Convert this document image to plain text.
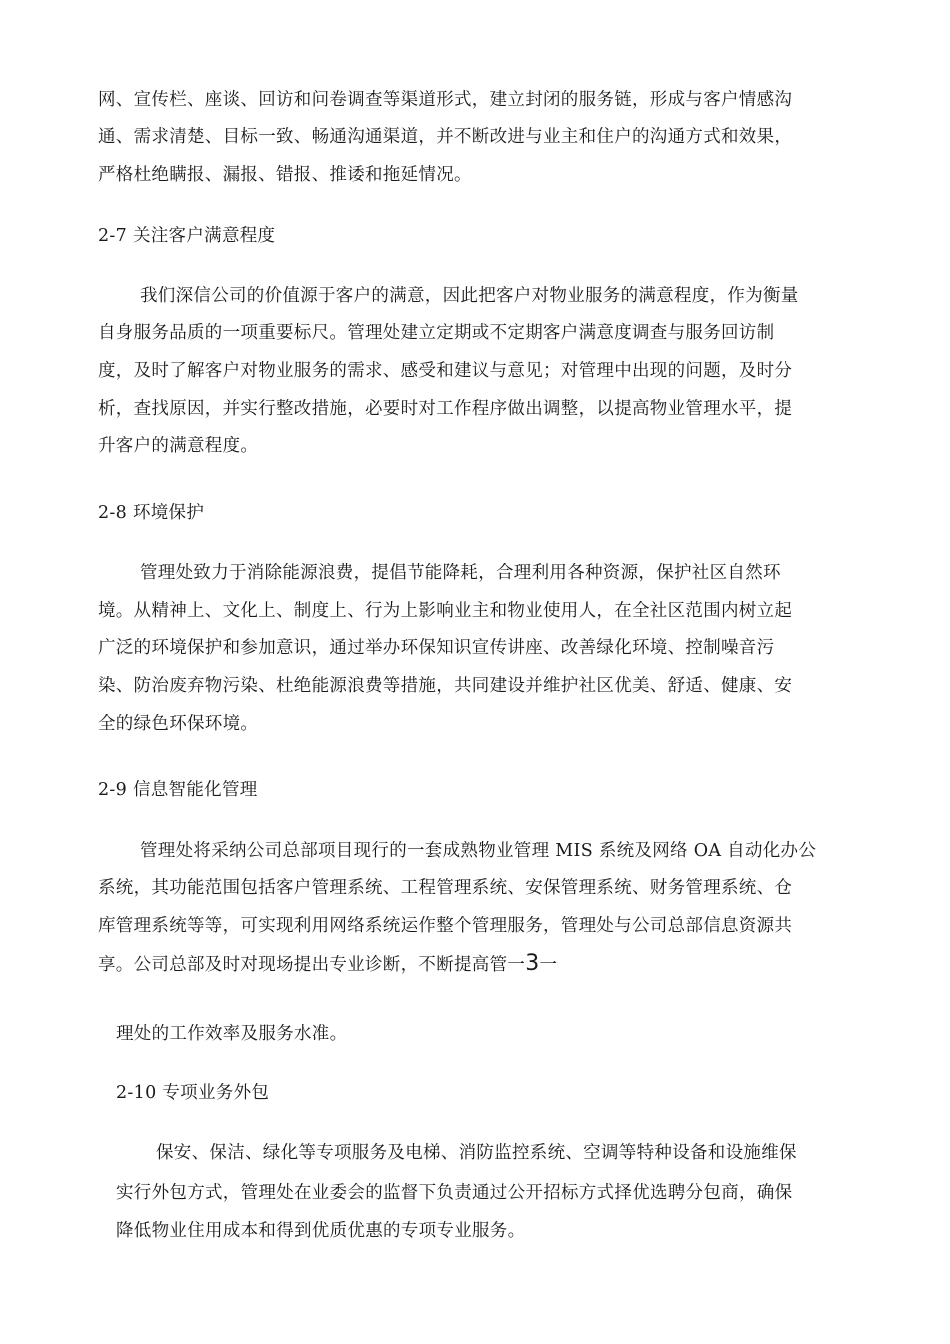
网、宣传栏、座谈、回访和问卷调查等渠道形式，建立封闭的服务链，形成与客户情感沟
通、需求清楚、目标一致、畅通沟通渠道，并不断改进与业主和住户的沟通方式和效果，
严格杜绝瞒报、漏报、错报、推诿和拖延情况。
2-7 关注客户满意程度
我们深信公司的价值源于客户的满意，因此把客户对物业服务的满意程度，作为衡量
自身服务品质的一项重要标尺。管理处建立定期或不定期客户满意度调查与服务回访制
度，及时了解客户对物业服务的需求、感受和建议与意见；对管理中出现的问题，及时分
析，查找原因，并实行整改措施，必要时对工作程序做出调整，以提高物业管理水平，提
升客户的满意程度。
2-8 环境保护
管理处致力于消除能源浪费，提倡节能降耗，合理利用各种资源，保护社区自然环
境。从精神上、文化上、制度上、行为上影响业主和物业使用人，在全社区范围内树立起
广泛的环境保护和参加意识，通过举办环保知识宣传讲座、改善绿化环境、控制噪音污
染、防治废弃物污染、杜绝能源浪费等措施，共同建设并维护社区优美、舒适、健康、安
全的绿色环保环境。
2-9 信息智能化管理
管理处将采纳公司总部项目现行的一套成熟物业管理 MIS 系统及网络 OA 自动化办公
系统，其功能范围包括客户管理系统、工程管理系统、安保管理系统、财务管理系统、仓
库管理系统等等，可实现利用网络系统运作整个管理服务，管理处与公司总部信息资源共
享。公司总部及时对现场提出专业诊断，不断提高管一3一
理处的工作效率及服务水准。
2-10 专项业务外包
保安、保洁、绿化等专项服务及电梯、消防监控系统、空调等特种设备和设施维保
实行外包方式，管理处在业委会的监督下负责通过公开招标方式择优选聘分包商，确保
降低物业住用成本和得到优质优惠的专项专业服务。
